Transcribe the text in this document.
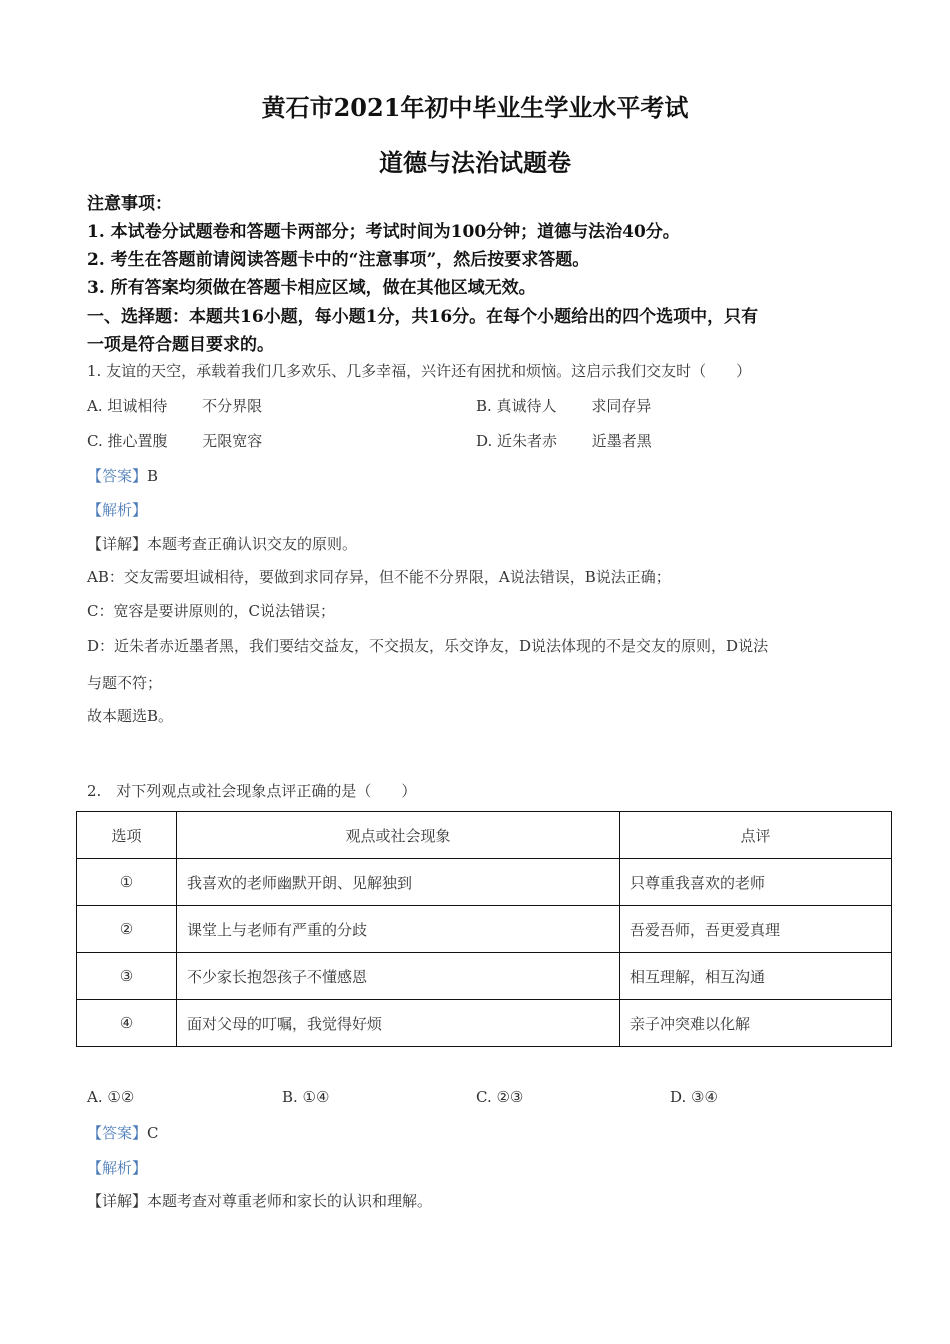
黄石市2021年初中毕业生学业水平考试
道德与法治试题卷
注意事项：
1. 本试卷分试题卷和答题卡两部分；考试时间为100分钟；道德与法治40分。
2. 考生在答题前请阅读答题卡中的“注意事项”，然后按要求答题。
3. 所有答案均须做在答题卡相应区域，做在其他区域无效。
一、选择题：本题共16小题，每小题1分，共16分。在每个小题给出的四个选项中，只有
一项是符合题目要求的。
1. 友谊的天空，承载着我们几多欢乐、几多幸福，兴许还有困扰和烦恼。这启示我们交友时（　　）
A. 坦诚相待　　 不分界限	B. 真诚待人　　 求同存异
C. 推心置腹　　 无限宽容	D. 近朱者赤　　 近墨者黑
【答案】B
【解析】
【详解】本题考查正确认识交友的原则。
AB：交友需要坦诚相待，要做到求同存异，但不能不分界限，A说法错误，B说法正确；
C：宽容是要讲原则的，C说法错误；
D：近朱者赤近墨者黑，我们要结交益友，不交损友，乐交诤友，D说法体现的不是交友的原则，D说法
与题不符；
故本题选B。
2.　对下列观点或社会现象点评正确的是（　　）
选项	观点或社会现象	点评
①	我喜欢的老师幽默开朗、见解独到	只尊重我喜欢的老师
②	课堂上与老师有严重的分歧	吾爱吾师，吾更爱真理
③	不少家长抱怨孩子不懂感恩	相互理解，相互沟通
④	面对父母的叮嘱，我觉得好烦	亲子冲突难以化解
A. ①②	B. ①④	C. ②③	D. ③④
【答案】C
【解析】
【详解】本题考查对尊重老师和家长的认识和理解。
